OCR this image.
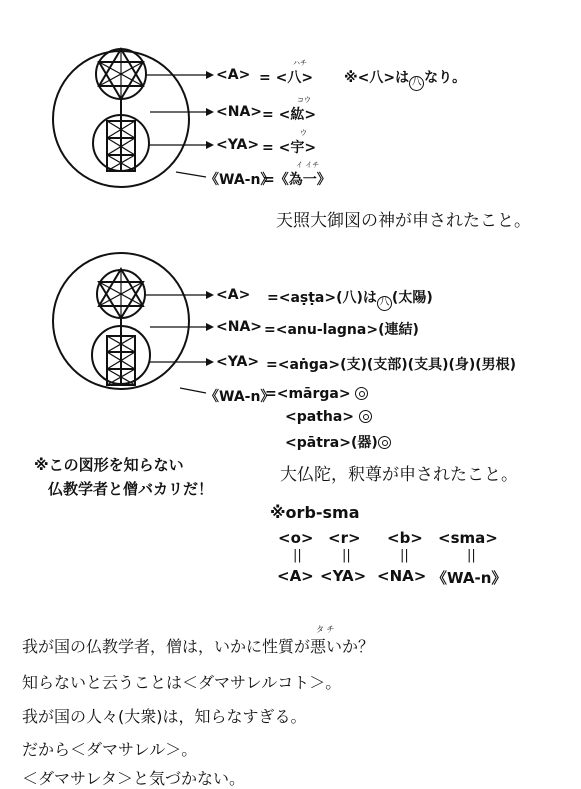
<A> = <八>
ハチ
※<八>は 八 なり。
<NA> = <紘>
コウ
<YA> = <宇>
ウ
《WA-n》
=《為一》
イ イチ
天照大御図の神が申されたこと。
<A> =<aṣṭa>(八)は 八 (太陽)
<NA> =<anu-lagna>(連結)
<YA> =<aṅga>(支)(支部)(支具)(身)(男根)
《WA-n》
=<mārga>
<patha>
<pātra>(器)
※この図形を知らない
仏教学者と僧バカリだ！
大仏陀，釈尊が申されたこと。
※orb-sma
<o> <r> <b> <sma>
||	||	||	||
<A> <YA> <NA> 《WA-n》
タ チ
我が国の仏教学者，僧は，いかに性質が悪いか？
知らないと云うことは＜ダマサレルコト＞。
我が国の人々(大衆)は，知らなすぎる。
だから＜ダマサレル＞。
＜ダマサレタ＞と気づかない。
